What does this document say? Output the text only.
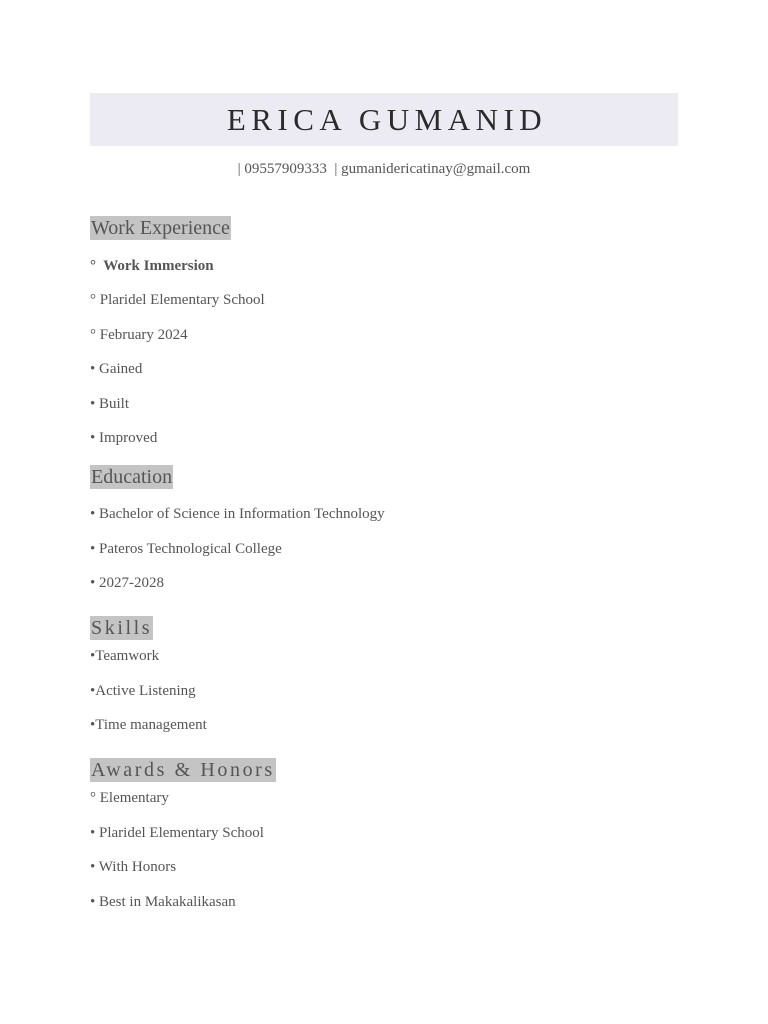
ERICA GUMANID
| 09557909333  | gumanidericatinay@gmail.com
Work Experience
°  Work Immersion
° Plaridel Elementary School
° February 2024
• Gained
• Built
• Improved
Education
• Bachelor of Science in Information Technology
• Pateros Technological College
• 2027-2028
Skills
•Teamwork
•Active Listening
•Time management
Awards & Honors
° Elementary
• Plaridel Elementary School
• With Honors
• Best in Makakalikasan
